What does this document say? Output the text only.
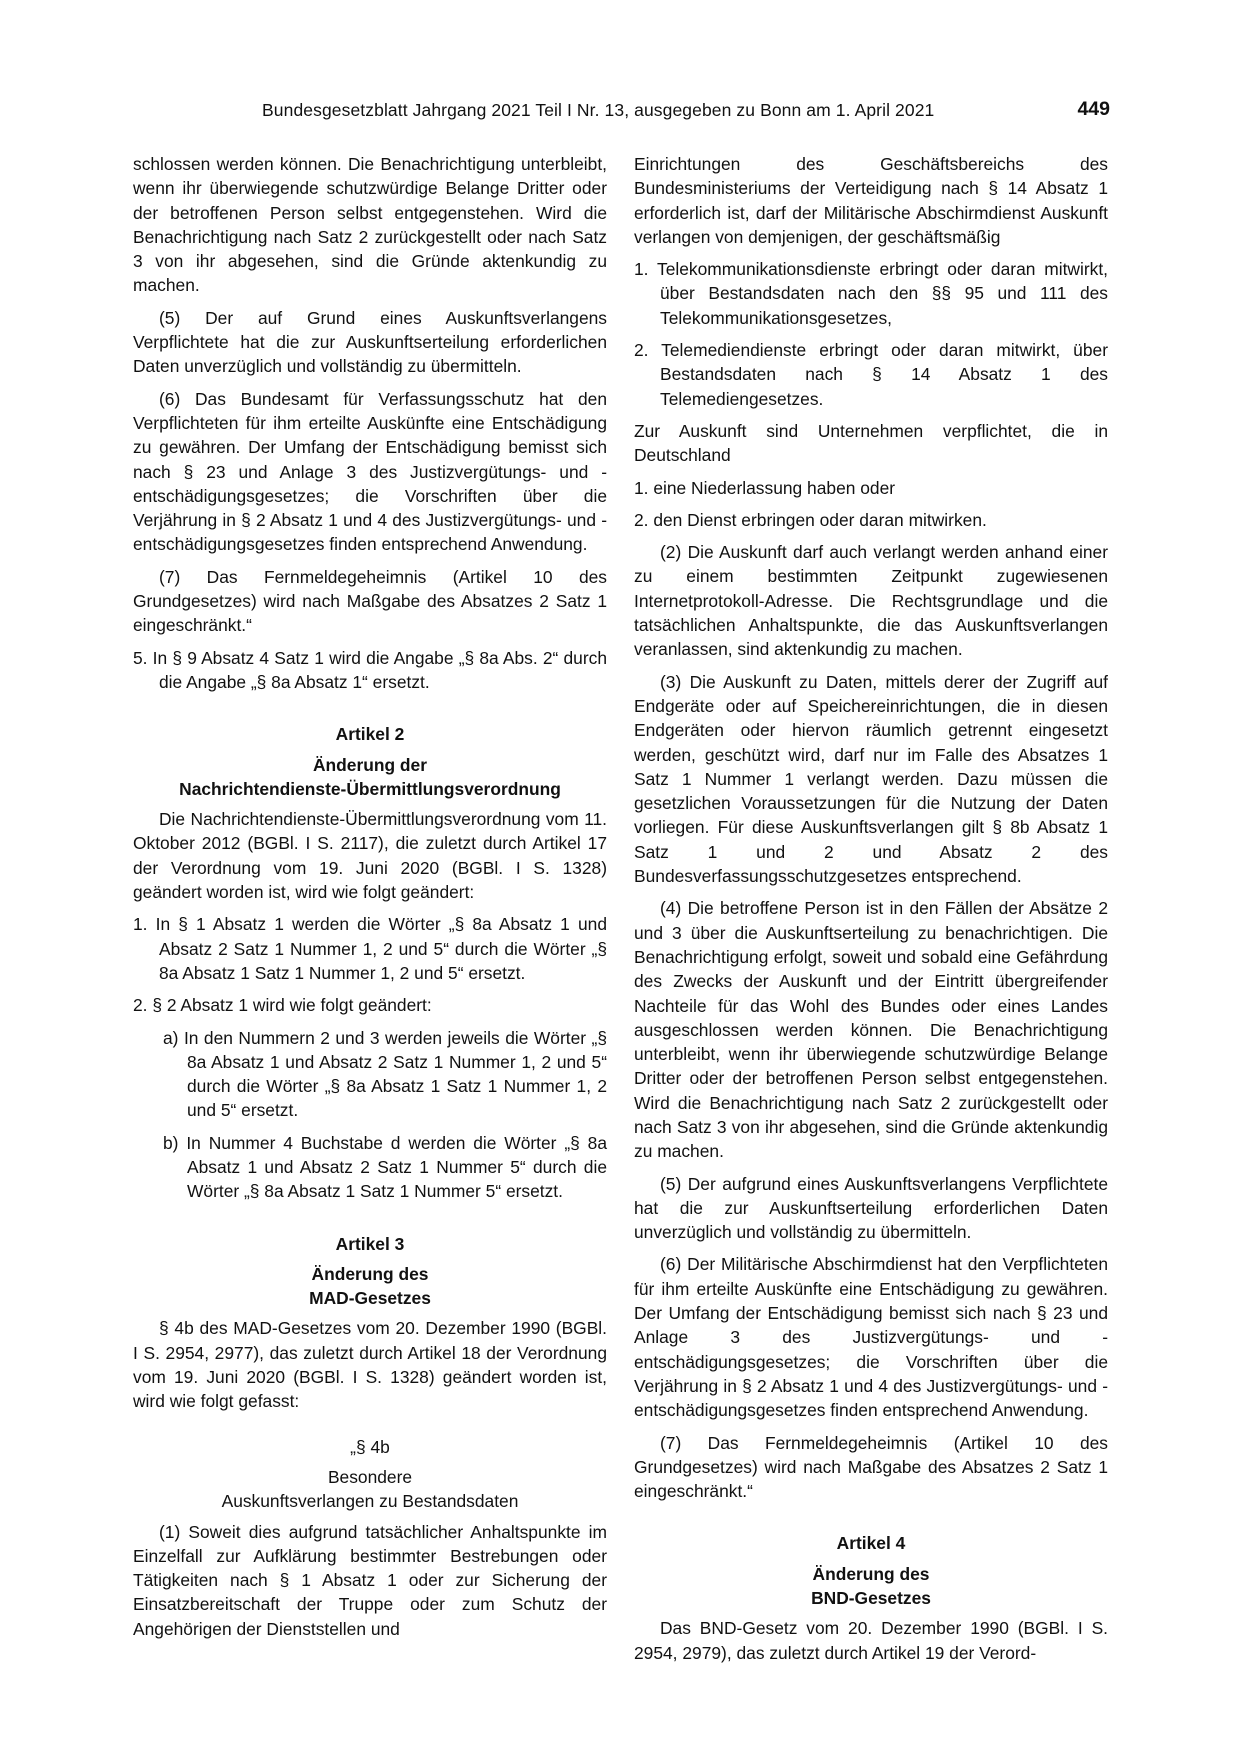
Bundesgesetzblatt Jahrgang 2021 Teil I Nr. 13, ausgegeben zu Bonn am 1. April 2021	449

schlossen werden können. Die Benachrichtigung unterbleibt, wenn ihr überwiegende schutzwürdige Belange Dritter oder der betroffenen Person selbst entgegenstehen. Wird die Benachrichtigung nach Satz 2 zurückgestellt oder nach Satz 3 von ihr abgesehen, sind die Gründe aktenkundig zu machen.

(5) Der auf Grund eines Auskunftsverlangens Verpflichtete hat die zur Auskunftserteilung erforderlichen Daten unverzüglich und vollständig zu übermitteln.

(6) Das Bundesamt für Verfassungsschutz hat den Verpflichteten für ihm erteilte Auskünfte eine Entschädigung zu gewähren. Der Umfang der Entschädigung bemisst sich nach § 23 und Anlage 3 des Justizvergütungs- und -entschädigungsgesetzes; die Vorschriften über die Verjährung in § 2 Absatz 1 und 4 des Justizvergütungs- und -entschädigungsgesetzes finden entsprechend Anwendung.

(7) Das Fernmeldegeheimnis (Artikel 10 des Grundgesetzes) wird nach Maßgabe des Absatzes 2 Satz 1 eingeschränkt.“

5. In § 9 Absatz 4 Satz 1 wird die Angabe „§ 8a Abs. 2“ durch die Angabe „§ 8a Absatz 1“ ersetzt.

Artikel 2

Änderung der

Nachrichtendienste-Übermittlungsverordnung

Die Nachrichtendienste-Übermittlungsverordnung vom 11. Oktober 2012 (BGBl. I S. 2117), die zuletzt durch Artikel 17 der Verordnung vom 19. Juni 2020 (BGBl. I S. 1328) geändert worden ist, wird wie folgt geändert:

1. In § 1 Absatz 1 werden die Wörter „§ 8a Absatz 1 und Absatz 2 Satz 1 Nummer 1, 2 und 5“ durch die Wörter „§ 8a Absatz 1 Satz 1 Nummer 1, 2 und 5“ ersetzt.
2. § 2 Absatz 1 wird wie folgt geändert:
a) In den Nummern 2 und 3 werden jeweils die Wörter „§ 8a Absatz 1 und Absatz 2 Satz 1 Nummer 1, 2 und 5“ durch die Wörter „§ 8a Absatz 1 Satz 1 Nummer 1, 2 und 5“ ersetzt.
b) In Nummer 4 Buchstabe d werden die Wörter „§ 8a Absatz 1 und Absatz 2 Satz 1 Nummer 5“ durch die Wörter „§ 8a Absatz 1 Satz 1 Nummer 5“ ersetzt.

Artikel 3

Änderung des

MAD-Gesetzes

§ 4b des MAD-Gesetzes vom 20. Dezember 1990 (BGBl. I S. 2954, 2977), das zuletzt durch Artikel 18 der Verordnung vom 19. Juni 2020 (BGBl. I S. 1328) geändert worden ist, wird wie folgt gefasst:

„§ 4b

Besondere

Auskunftsverlangen zu Bestandsdaten

(1) Soweit dies aufgrund tatsächlicher Anhaltspunkte im Einzelfall zur Aufklärung bestimmter Bestrebungen oder Tätigkeiten nach § 1 Absatz 1 oder zur Sicherung der Einsatzbereitschaft der Truppe oder zum Schutz der Angehörigen der Dienststellen und

Einrichtungen des Geschäftsbereichs des Bundesministeriums der Verteidigung nach § 14 Absatz 1 erforderlich ist, darf der Militärische Abschirmdienst Auskunft verlangen von demjenigen, der geschäftsmäßig

1. Telekommunikationsdienste erbringt oder daran mitwirkt, über Bestandsdaten nach den §§ 95 und 111 des Telekommunikationsgesetzes,
2. Telemediendienste erbringt oder daran mitwirkt, über Bestandsdaten nach § 14 Absatz 1 des Telemediengesetzes.

Zur Auskunft sind Unternehmen verpflichtet, die in Deutschland

1. eine Niederlassung haben oder
2. den Dienst erbringen oder daran mitwirken.

(2) Die Auskunft darf auch verlangt werden anhand einer zu einem bestimmten Zeitpunkt zugewiesenen Internetprotokoll-Adresse. Die Rechtsgrundlage und die tatsächlichen Anhaltspunkte, die das Auskunftsverlangen veranlassen, sind aktenkundig zu machen.

(3) Die Auskunft zu Daten, mittels derer der Zugriff auf Endgeräte oder auf Speichereinrichtungen, die in diesen Endgeräten oder hiervon räumlich getrennt eingesetzt werden, geschützt wird, darf nur im Falle des Absatzes 1 Satz 1 Nummer 1 verlangt werden. Dazu müssen die gesetzlichen Voraussetzungen für die Nutzung der Daten vorliegen. Für diese Auskunftsverlangen gilt § 8b Absatz 1 Satz 1 und 2 und Absatz 2 des Bundesverfassungsschutzgesetzes entsprechend.

(4) Die betroffene Person ist in den Fällen der Absätze 2 und 3 über die Auskunftserteilung zu benachrichtigen. Die Benachrichtigung erfolgt, soweit und sobald eine Gefährdung des Zwecks der Auskunft und der Eintritt übergreifender Nachteile für das Wohl des Bundes oder eines Landes ausgeschlossen werden können. Die Benachrichtigung unterbleibt, wenn ihr überwiegende schutzwürdige Belange Dritter oder der betroffenen Person selbst entgegenstehen. Wird die Benachrichtigung nach Satz 2 zurückgestellt oder nach Satz 3 von ihr abgesehen, sind die Gründe aktenkundig zu machen.

(5) Der aufgrund eines Auskunftsverlangens Verpflichtete hat die zur Auskunftserteilung erforderlichen Daten unverzüglich und vollständig zu übermitteln.

(6) Der Militärische Abschirmdienst hat den Verpflichteten für ihm erteilte Auskünfte eine Entschädigung zu gewähren. Der Umfang der Entschädigung bemisst sich nach § 23 und Anlage 3 des Justizvergütungs- und -entschädigungsgesetzes; die Vorschriften über die Verjährung in § 2 Absatz 1 und 4 des Justizvergütungs- und -entschädigungsgesetzes finden entsprechend Anwendung.

(7) Das Fernmeldegeheimnis (Artikel 10 des Grundgesetzes) wird nach Maßgabe des Absatzes 2 Satz 1 eingeschränkt.“

Artikel 4

Änderung des

BND-Gesetzes

Das BND-Gesetz vom 20. Dezember 1990 (BGBl. I S. 2954, 2979), das zuletzt durch Artikel 19 der Verord-
